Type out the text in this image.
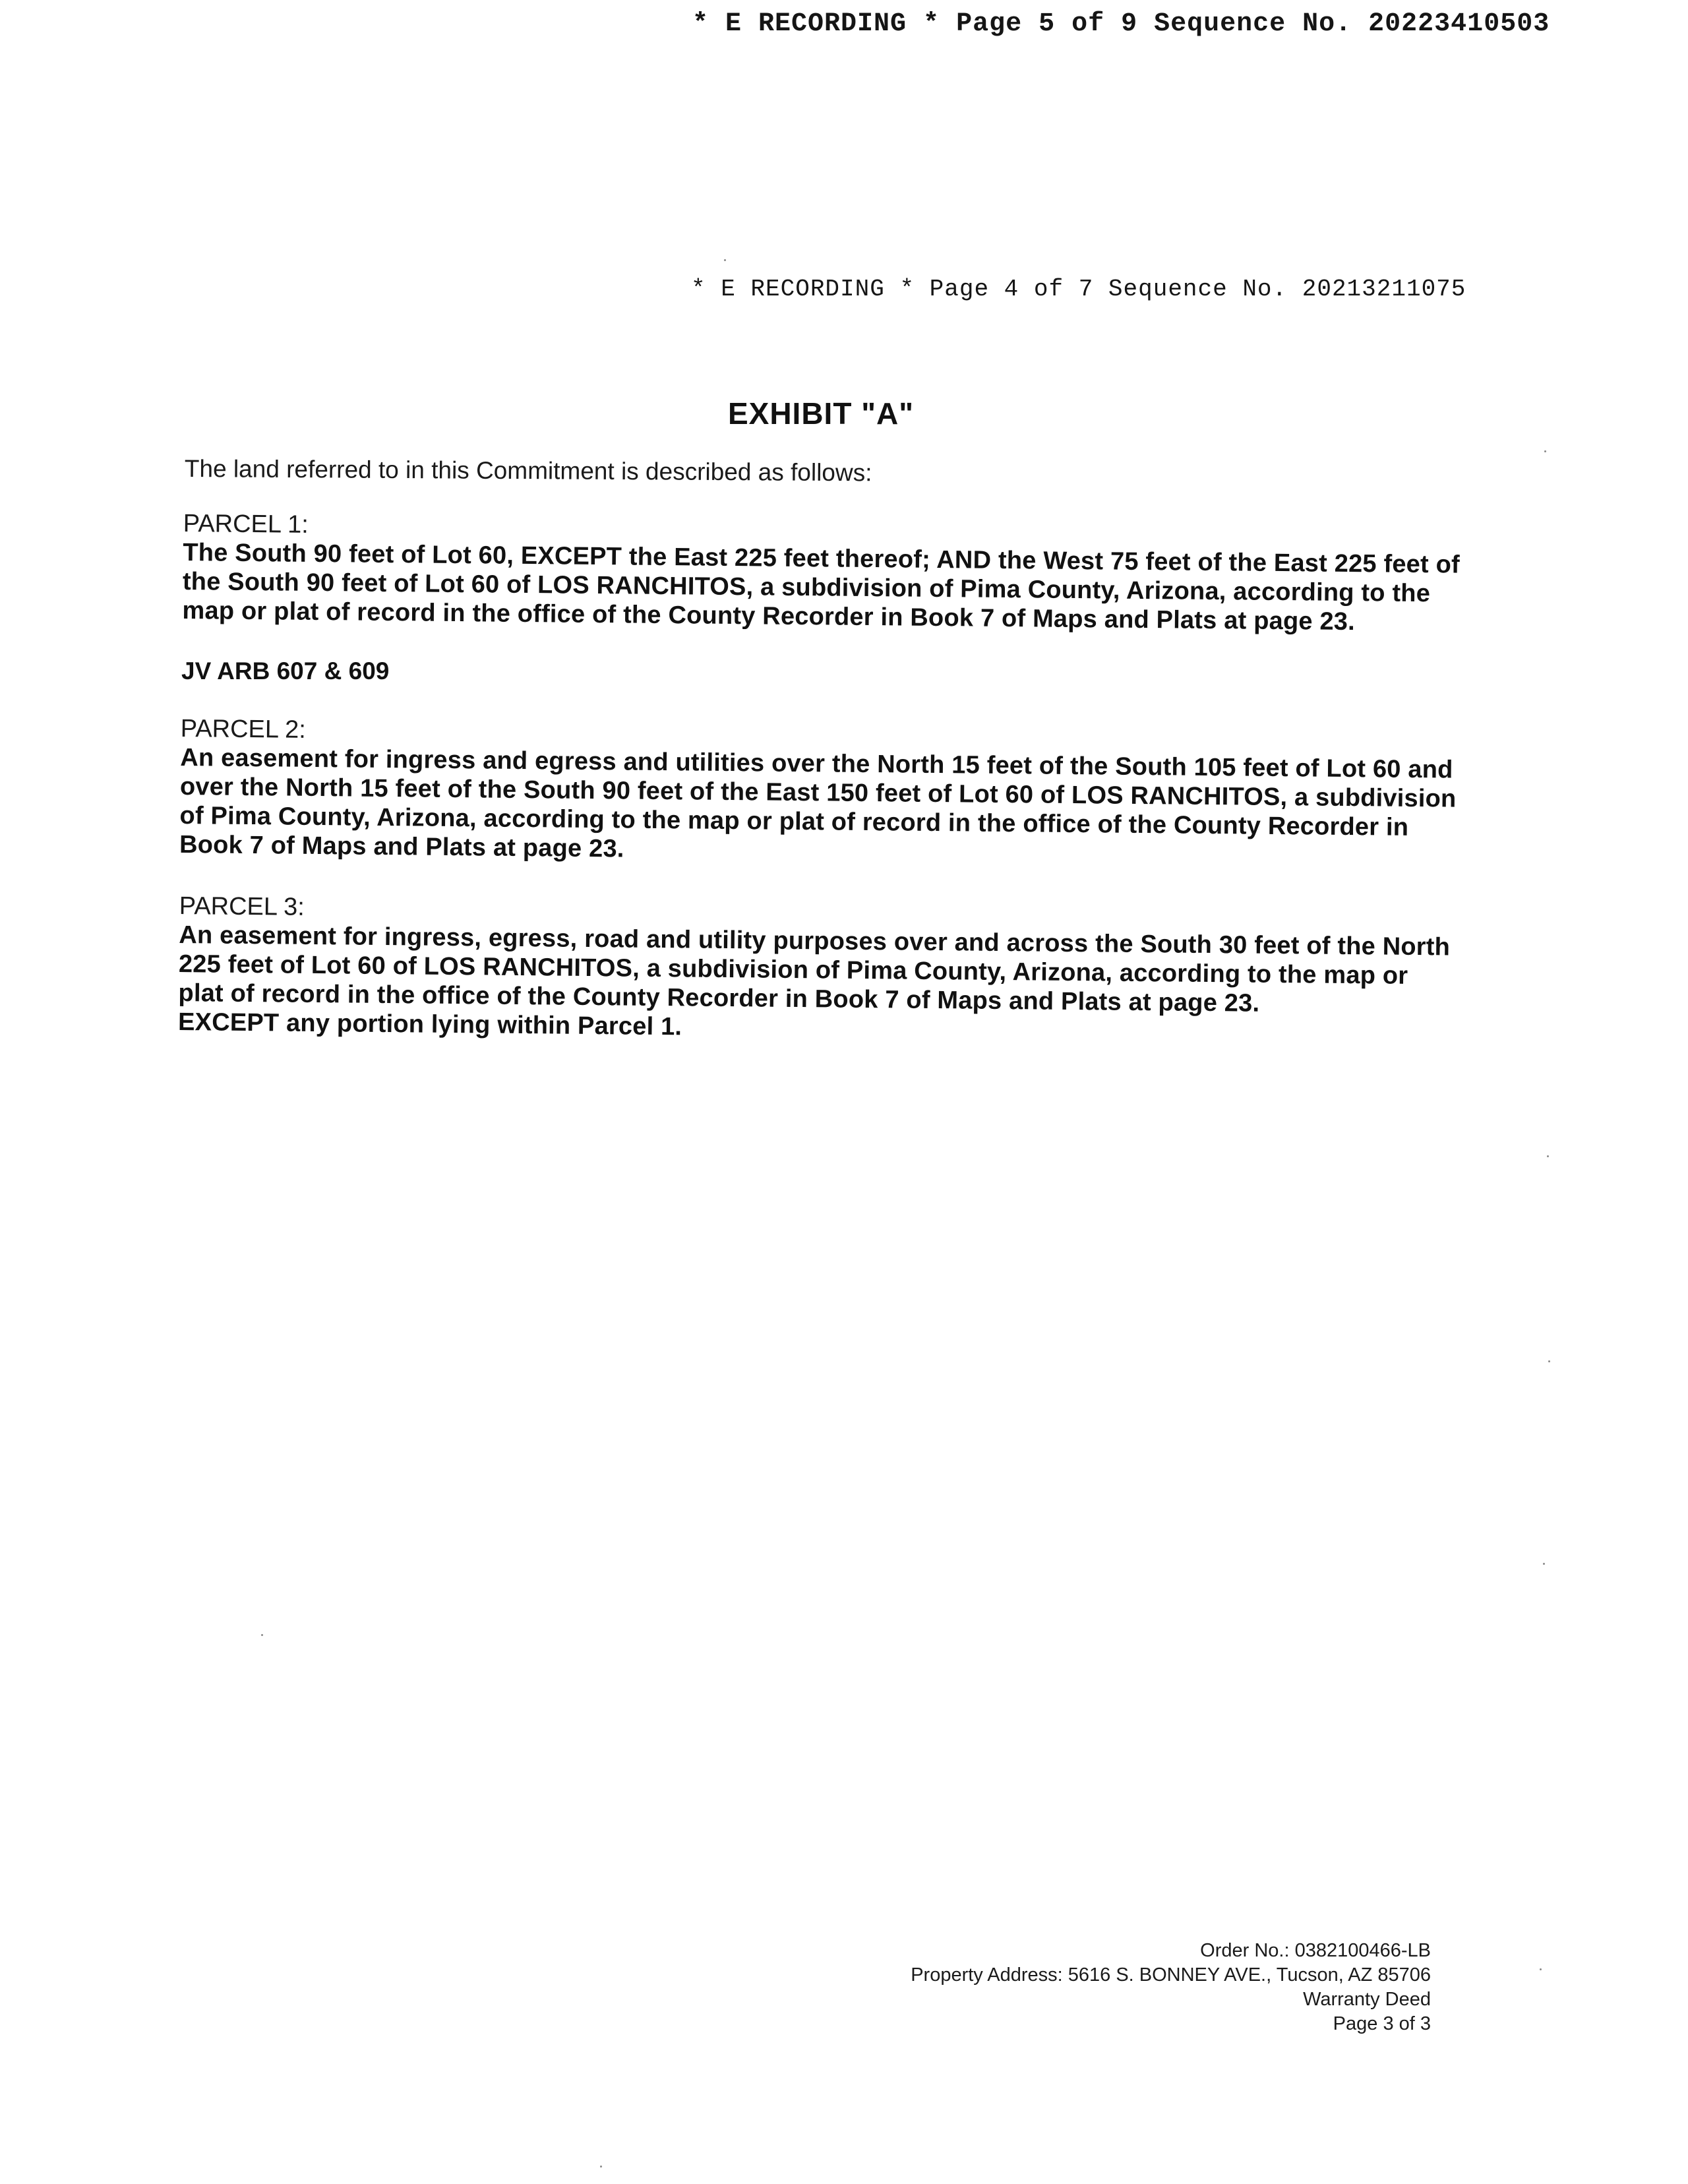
* E RECORDING * Page 5 of 9 Sequence No. 20223410503
* E RECORDING * Page 4 of 7 Sequence No. 20213211075
EXHIBIT "A"
The land referred to in this Commitment is described as follows:
PARCEL 1:
The South 90 feet of Lot 60, EXCEPT the East 225 feet thereof; AND the West 75 feet of the East 225 feet of the South 90 feet of Lot 60 of LOS RANCHITOS, a subdivision of Pima County, Arizona, according to the map or plat of record in the office of the County Recorder in Book 7 of Maps and Plats at page 23.
JV ARB 607 & 609
PARCEL 2:
An easement for ingress and egress and utilities over the North 15 feet of the South 105 feet of Lot 60 and over the North 15 feet of the South 90 feet of the East 150 feet of Lot 60 of LOS RANCHITOS, a subdivision of Pima County, Arizona, according to the map or plat of record in the office of the County Recorder in Book 7 of Maps and Plats at page 23.
PARCEL 3:
An easement for ingress, egress, road and utility purposes over and across the South 30 feet of the North 225 feet of Lot 60 of LOS RANCHITOS, a subdivision of Pima County, Arizona, according to the map or plat of record in the office of the County Recorder in Book 7 of Maps and Plats at page 23.
EXCEPT any portion lying within Parcel 1.
Order No.: 0382100466-LB
Property Address: 5616 S. BONNEY AVE., Tucson, AZ 85706
Warranty Deed
Page 3 of 3
